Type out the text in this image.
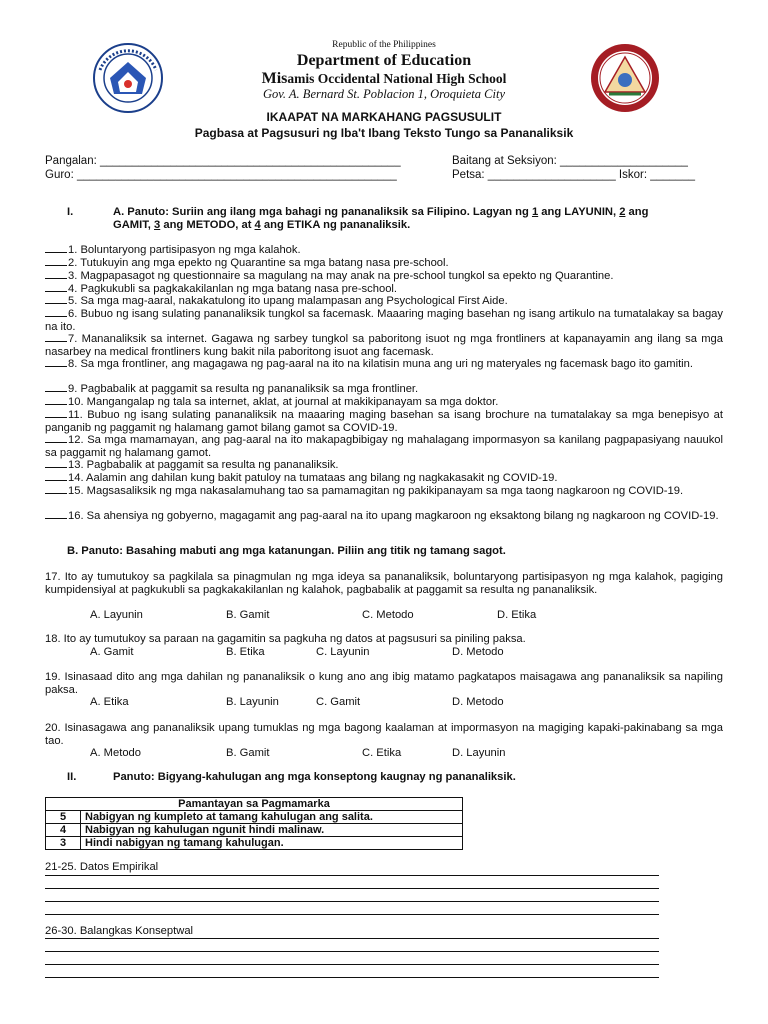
Republic of the Philippines
Department of Education
Misamis Occidental National High School
Gov. A. Bernard St. Poblacion 1, Oroquieta City
IKAAPAT NA MARKAHANG PAGSUSULIT
Pagbasa at Pagsusuri ng Iba't Ibang Teksto Tungo sa Pananaliksik
Pangalan: _______________________________________________	Baitang at Seksiyon: ____________________
Guro: __________________________________________________	Petsa: ____________________ Iskor: _______
I.	A. Panuto: Suriin ang ilang mga bahagi ng pananaliksik sa Filipino. Lagyan ng 1 ang LAYUNIN, 2 ang
GAMIT, 3 ang METODO, at 4 ang ETIKA ng pananaliksik.
1. Boluntaryong partisipasyon ng mga kalahok.
2. Tutukuyin ang mga epekto ng Quarantine sa mga batang nasa pre-school.
3. Magpapasagot ng questionnaire sa magulang na may anak na pre-school tungkol sa epekto ng Quarantine.
4. Pagkukubli sa pagkakakilanlan ng mga batang nasa pre-school.
5. Sa mga mag-aaral, nakakatulong ito upang malampasan ang Psychological First Aide.
6. Bubuo ng isang sulating pananaliksik tungkol sa facemask. Maaaring maging basehan ng isang artikulo na tumatalakay sa bagay na ito.
7. Mananaliksik sa internet. Gagawa ng sarbey tungkol sa paboritong isuot ng mga frontliners at kapanayamin ang ilang sa mga nasarbey na medical frontliners kung bakit nila paboritong isuot ang facemask.
8. Sa mga frontliner, ang magagawa ng pag-aaral na ito na kilatisin muna ang uri ng materyales ng facemask bago ito gamitin.
9. Pagbabalik at paggamit sa resulta ng pananaliksik sa mga frontliner.
10. Mangangalap ng tala sa internet, aklat, at journal at makikipanayam sa mga doktor.
11. Bubuo ng isang sulating pananaliksik na maaaring maging basehan sa isang brochure na tumatalakay sa mga benepisyo at panganib ng paggamit ng halamang gamot bilang gamot sa COVID-19.
12. Sa mga mamamayan, ang pag-aaral na ito makapagbibigay ng mahalagang impormasyon sa kanilang pagpapasiyang nauukol sa paggamit ng halamang gamot.
13. Pagbabalik at paggamit sa resulta ng pananaliksik.
14. Aalamin ang dahilan kung bakit patuloy na tumataas ang bilang ng nagkakasakit ng COVID-19.
15. Magsasaliksik ng mga nakasalamuhang tao sa pamamagitan ng pakikipanayam sa mga taong nagkaroon ng COVID-19.
16. Sa ahensiya ng gobyerno, magagamit ang pag-aaral na ito upang magkaroon ng eksaktong bilang ng nagkaroon ng COVID-19.
B. Panuto: Basahing mabuti ang mga katanungan. Piliin ang titik ng tamang sagot.
17. Ito ay tumutukoy sa pagkilala sa pinagmulan ng mga ideya sa pananaliksik, boluntaryong partisipasyon ng mga kalahok, pagiging kumpidensiyal at pagkukubli sa pagkakakilanlan ng kalahok, pagbabalik at paggamit sa resulta ng pananaliksik.
A. Layunin	B. Gamit	C. Metodo	D. Etika
18. Ito ay tumutukoy sa paraan na gagamitin sa pagkuha ng datos at pagsusuri sa piniling paksa.
A. Gamit	B. Etika	C. Layunin	D. Metodo
19. Isinasaad dito ang mga dahilan ng pananaliksik o kung ano ang ibig matamo pagkatapos maisagawa ang pananaliksik sa napiling paksa.
A. Etika	B. Layunin	C. Gamit	D. Metodo
20. Isinasagawa ang pananaliksik upang tumuklas ng mga bagong kaalaman at impormasyon na magiging kapaki-pakinabang sa mga tao.
A. Metodo	B. Gamit	C. Etika	D. Layunin
II.	Panuto: Bigyang-kahulugan ang mga konseptong kaugnay ng pananaliksik.
Pamantayan sa Pagmamarka	
5	Nabigyan ng kumpleto at tamang kahulugan ang salita.
4	Nabigyan ng kahulugan ngunit hindi malinaw.
3	Hindi nabigyan ng tamang kahulugan.
21-25. Datos Empirikal
26-30. Balangkas Konseptwal
